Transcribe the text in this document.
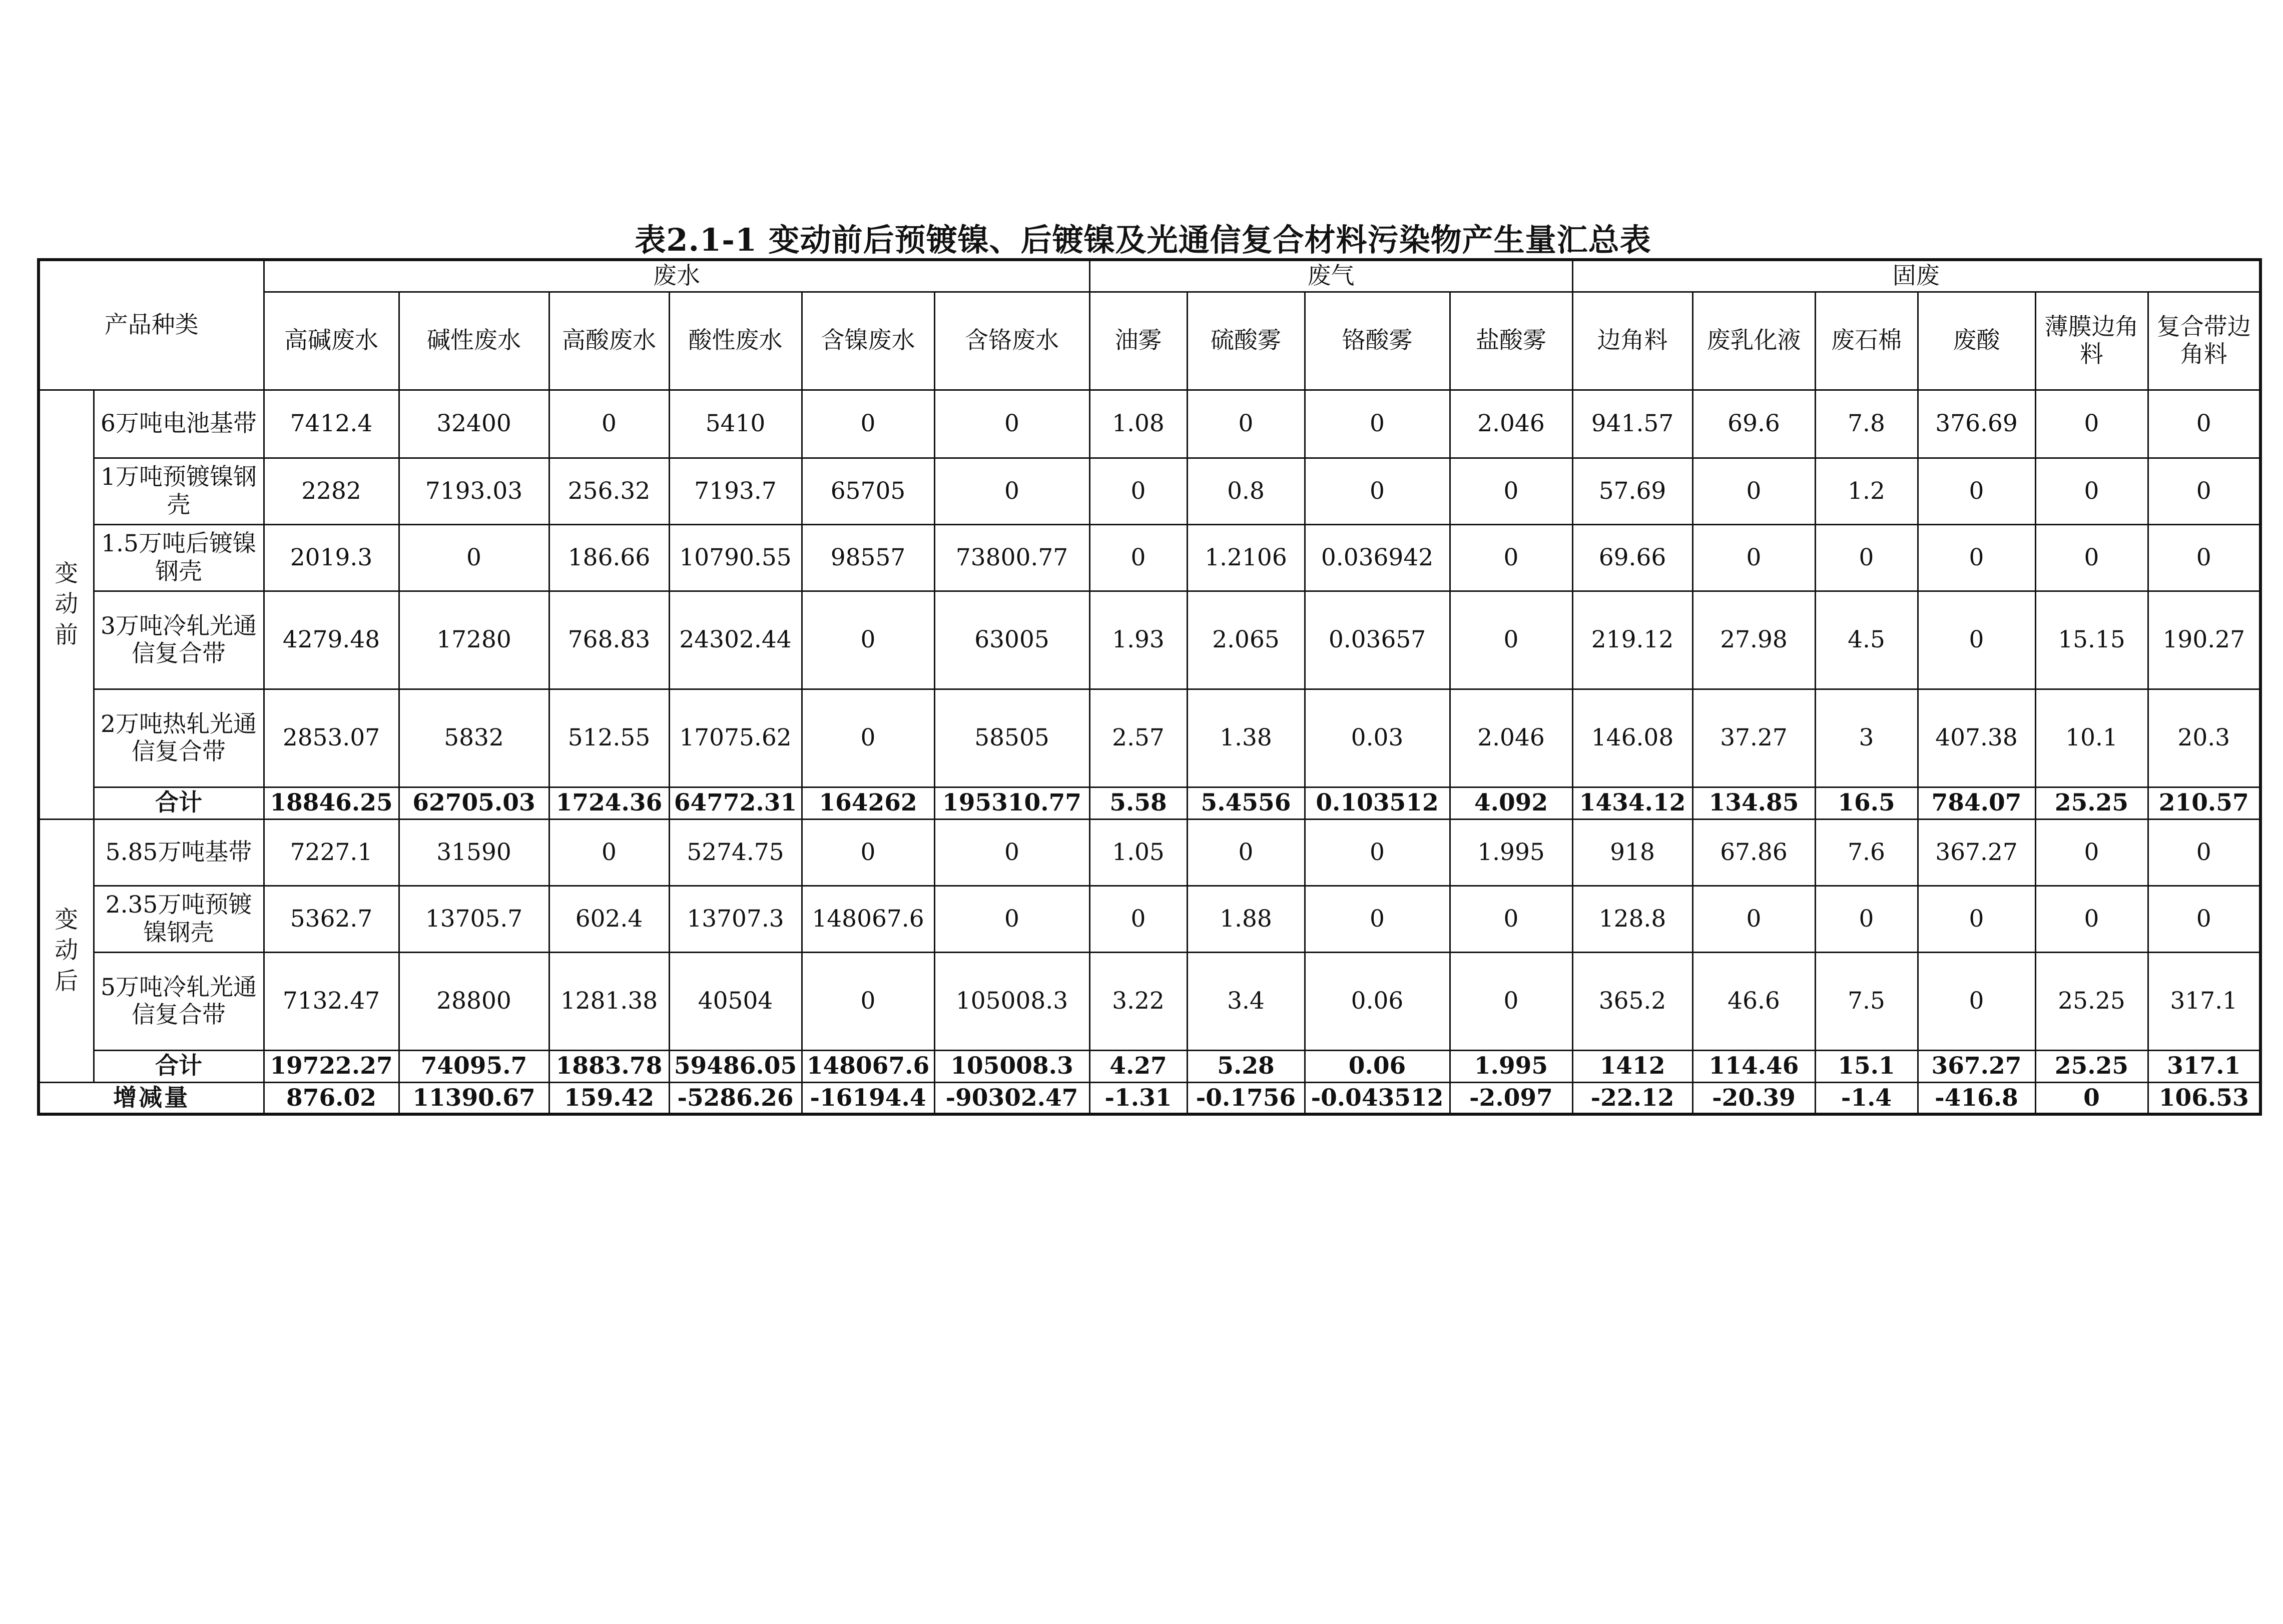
表2.1-1 变动前后预镀镍、后镀镍及光通信复合材料污染物产生量汇总表
产品种类		废水						废气				固废					
		高碱废水	碱性废水	高酸废水	酸性废水	含镍废水	含铬废水	油雾	硫酸雾	铬酸雾	盐酸雾	边角料	废乳化液	废石棉	废酸	薄膜边角料	复合带边角料

变
动
前	6万吨电池基带	7412.4	32400	0	5410	0	0	1.08	0	0	2.046	941.57	69.6	7.8	376.69	0	0
	1万吨预镀镍钢壳	2282	7193.03	256.32	7193.7	65705	0	0	0.8	0	0	57.69	0	1.2	0	0	0
	1.5万吨后镀镍钢壳	2019.3	0	186.66	10790.55	98557	73800.77	0	1.2106	0.036942	0	69.66	0	0	0	0	0
	3万吨冷轧光通信复合带	4279.48	17280	768.83	24302.44	0	63005	1.93	2.065	0.03657	0	219.12	27.98	4.5	0	15.15	190.27
	2万吨热轧光通信复合带	2853.07	5832	512.55	17075.62	0	58505	2.57	1.38	0.03	2.046	146.08	37.27	3	407.38	10.1	20.3
	合计	18846.25	62705.03	1724.36	64772.31	164262	195310.77	5.58	5.4556	0.103512	4.092	1434.12	134.85	16.5	784.07	25.25	210.57

变
动
后	5.85万吨基带	7227.1	31590	0	5274.75	0	0	1.05	0	0	1.995	918	67.86	7.6	367.27	0	0
	2.35万吨预镀镍钢壳	5362.7	13705.7	602.4	13707.3	148067.6	0	0	1.88	0	0	128.8	0	0	0	0	0
	5万吨冷轧光通信复合带	7132.47	28800	1281.38	40504	0	105008.3	3.22	3.4	0.06	0	365.2	46.6	7.5	0	25.25	317.1
	合计	19722.27	74095.7	1883.78	59486.05	148067.6	105008.3	4.27	5.28	0.06	1.995	1412	114.46	15.1	367.27	25.25	317.1
增减量		876.02	11390.67	159.42	-5286.26	-16194.4	-90302.47	-1.31	-0.1756	-0.043512	-2.097	-22.12	-20.39	-1.4	-416.8	0	106.53
